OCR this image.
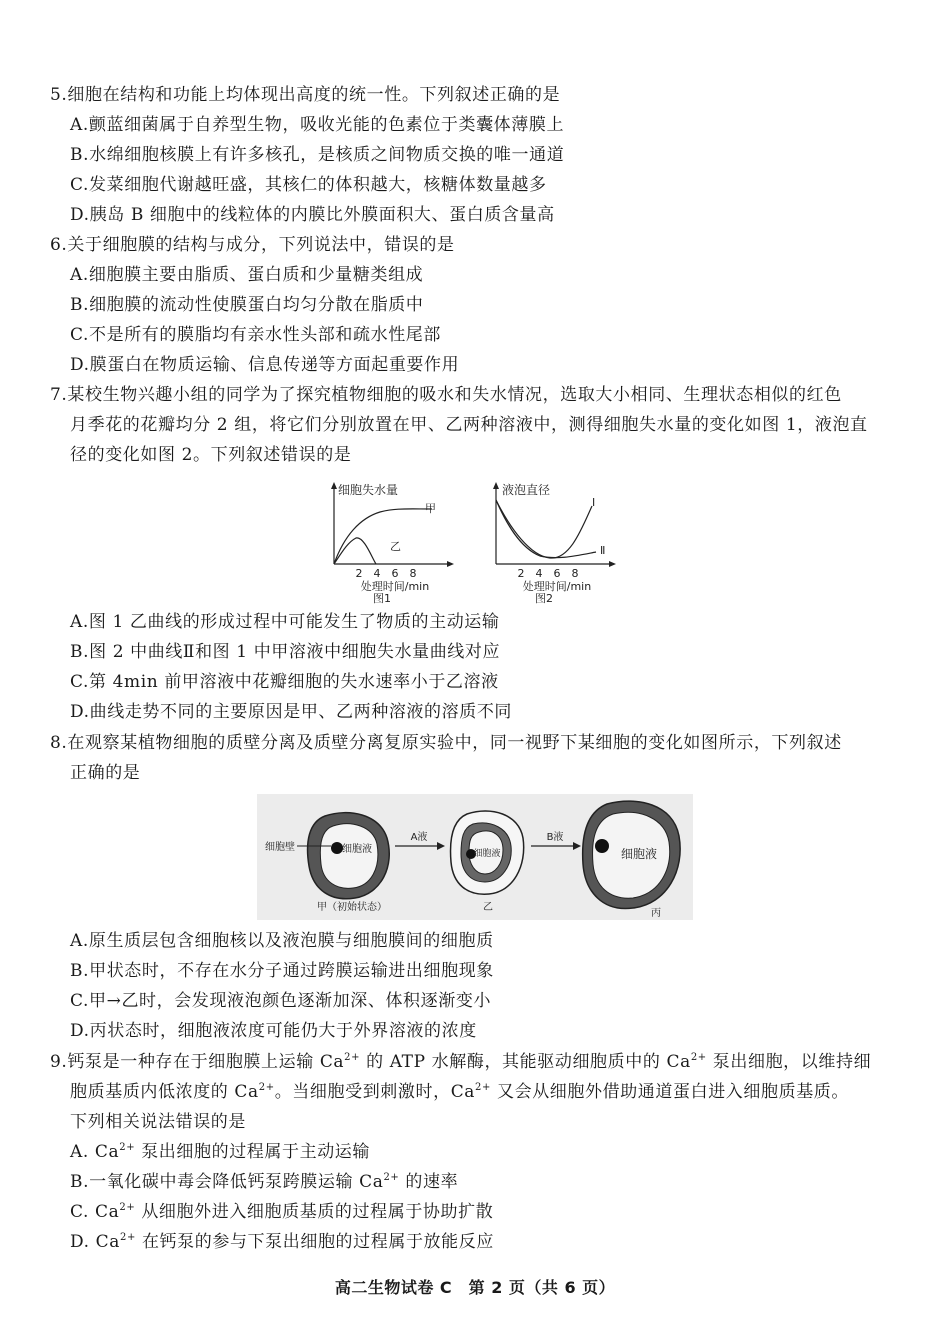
5.细胞在结构和功能上均体现出高度的统一性。下列叙述正确的是
A.颤蓝细菌属于自养型生物，吸收光能的色素位于类囊体薄膜上
B.水绵细胞核膜上有许多核孔，是核质之间物质交换的唯一通道
C.发菜细胞代谢越旺盛，其核仁的体积越大，核糖体数量越多
D.胰岛 B 细胞中的线粒体的内膜比外膜面积大、蛋白质含量高
6.关于细胞膜的结构与成分，下列说法中，错误的是
A.细胞膜主要由脂质、蛋白质和少量糖类组成
B.细胞膜的流动性使膜蛋白均匀分散在脂质中
C.不是所有的膜脂均有亲水性头部和疏水性尾部
D.膜蛋白在物质运输、信息传递等方面起重要作用
7.某校生物兴趣小组的同学为了探究植物细胞的吸水和失水情况，选取大小相同、生理状态相似的红色
月季花的花瓣均分 2 组，将它们分别放置在甲、乙两种溶液中，测得细胞失水量的变化如图 1，液泡直
径的变化如图 2。下列叙述错误的是
细胞失水量
甲
乙
2 4 6 8
处理时间/min
图1
液泡直径
Ⅰ
Ⅱ
2 4 6 8
处理时间/min
图2
A.图 1 乙曲线的形成过程中可能发生了物质的主动运输
B.图 2 中曲线Ⅱ和图 1 中甲溶液中细胞失水量曲线对应
C.第 4min 前甲溶液中花瓣细胞的失水速率小于乙溶液
D.曲线走势不同的主要原因是甲、乙两种溶液的溶质不同
8.在观察某植物细胞的质壁分离及质壁分离复原实验中，同一视野下某细胞的变化如图所示，下列叙述
正确的是
细胞液
细胞壁
甲（初始状态）
A液
细胞液
乙
B液
细胞液
丙
A.原生质层包含细胞核以及液泡膜与细胞膜间的细胞质
B.甲状态时，不存在水分子通过跨膜运输进出细胞现象
C.甲→乙时，会发现液泡颜色逐渐加深、体积逐渐变小
D.丙状态时，细胞液浓度可能仍大于外界溶液的浓度
9.钙泵是一种存在于细胞膜上运输 $Ca^{2+}$ 的 ATP 水解酶，其能驱动细胞质中的 $Ca^{2+}$ 泵出细胞，以维持细
胞质基质内低浓度的 $Ca^{2+}$。当细胞受到刺激时，$Ca^{2+}$ 又会从细胞外借助通道蛋白进入细胞质基质。
下列相关说法错误的是
A. $Ca^{2+}$ 泵出细胞的过程属于主动运输
B.一氧化碳中毒会降低钙泵跨膜运输 $Ca^{2+}$ 的速率
C. $Ca^{2+}$ 从细胞外进入细胞质基质的过程属于协助扩散
D. $Ca^{2+}$ 在钙泵的参与下泵出细胞的过程属于放能反应
高二生物试卷 C　第 2 页（共 6 页）
